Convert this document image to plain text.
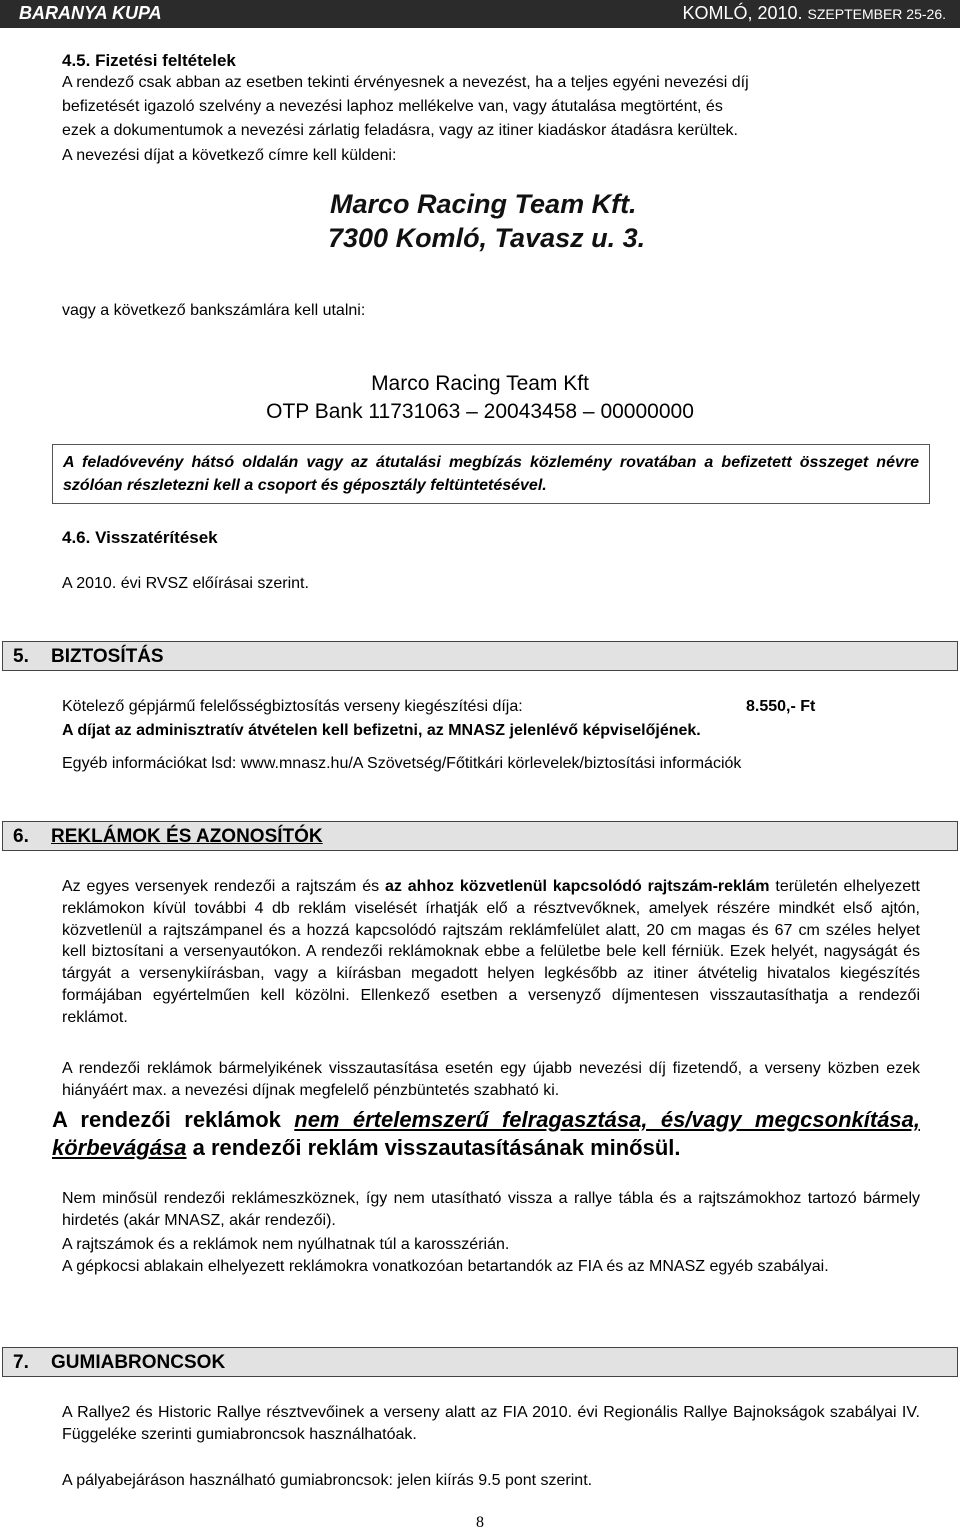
BARANYA KUPA	KOMLÓ, 2010. SZEPTEMBER 25-26.

4.5. Fizetési feltételek

A rendező csak abban az esetben tekinti érvényesnek a nevezést, ha a teljes egyéni nevezési díj

befizetését igazoló szelvény a nevezési laphoz mellékelve van, vagy átutalása megtörtént, és

ezek a dokumentumok a nevezési zárlatig feladásra, vagy az itiner kiadáskor átadásra kerültek.

A nevezési díjat a következő címre kell küldeni:

Marco Racing Team Kft.

7300 Komló, Tavasz u. 3.

vagy a következő bankszámlára kell utalni:

Marco Racing Team Kft

OTP Bank 11731063 – 20043458 – 00000000

A feladóvevény hátsó oldalán vagy az átutalási megbízás közlemény rovatában a befizetett összeget névre szólóan részletezni kell a csoport és géposztály feltüntetésével.

4.6. Visszatérítések

A 2010. évi RVSZ előírásai szerint.

5. BIZTOSÍTÁS

Kötelező gépjármű felelősségbiztosítás verseny kiegészítési díja:	8.550,- Ft

A díjat az adminisztratív átvételen kell befizetni, az MNASZ jelenlévő képviselőjének.

Egyéb információkat lsd: www.mnasz.hu/A Szövetség/Főtitkári körlevelek/biztosítási információk

6. REKLÁMOK ÉS AZONOSÍTÓK

Az egyes versenyek rendezői a rajtszám és az ahhoz közvetlenül kapcsolódó rajtszám-reklám területén elhelyezett reklámokon kívül további 4 db reklám viselését írhatják elő a résztvevőknek, amelyek részére mindkét első ajtón, közvetlenül a rajtszámpanel és a hozzá kapcsolódó rajtszám reklámfelület alatt, 20 cm magas és 67 cm széles helyet kell biztosítani a versenyautókon. A rendezői reklámoknak ebbe a felületbe bele kell férniük. Ezek helyét, nagyságát és tárgyát a versenykiírásban, vagy a kiírásban megadott helyen legkésőbb az itiner átvételig hivatalos kiegészítés formájában egyértelműen kell közölni. Ellenkező esetben a versenyző díjmentesen visszautasíthatja a rendezői reklámot.

A rendezői reklámok bármelyikének visszautasítása esetén egy újabb nevezési díj fizetendő, a verseny közben ezek hiányáért max. a nevezési díjnak megfelelő pénzbüntetés szabható ki.

A rendezői reklámok nem értelemszerű felragasztása, és/vagy megcsonkítása, körbevágása a rendezői reklám visszautasításának minősül.

Nem minősül rendezői reklámeszköznek, így nem utasítható vissza a rallye tábla és a rajtszámokhoz tartozó bármely hirdetés (akár MNASZ, akár rendezői).

A rajtszámok és a reklámok nem nyúlhatnak túl a karosszérián.

A gépkocsi ablakain elhelyezett reklámokra vonatkozóan betartandók az FIA és az MNASZ egyéb szabályai.

7. GUMIABRONCSOK

A Rallye2 és Historic Rallye résztvevőinek a verseny alatt az FIA 2010. évi Regionális Rallye Bajnokságok szabályai IV. Függeléke szerinti gumiabroncsok használhatóak.

A pályabejáráson használható gumiabroncsok: jelen kiírás 9.5 pont szerint.

8
